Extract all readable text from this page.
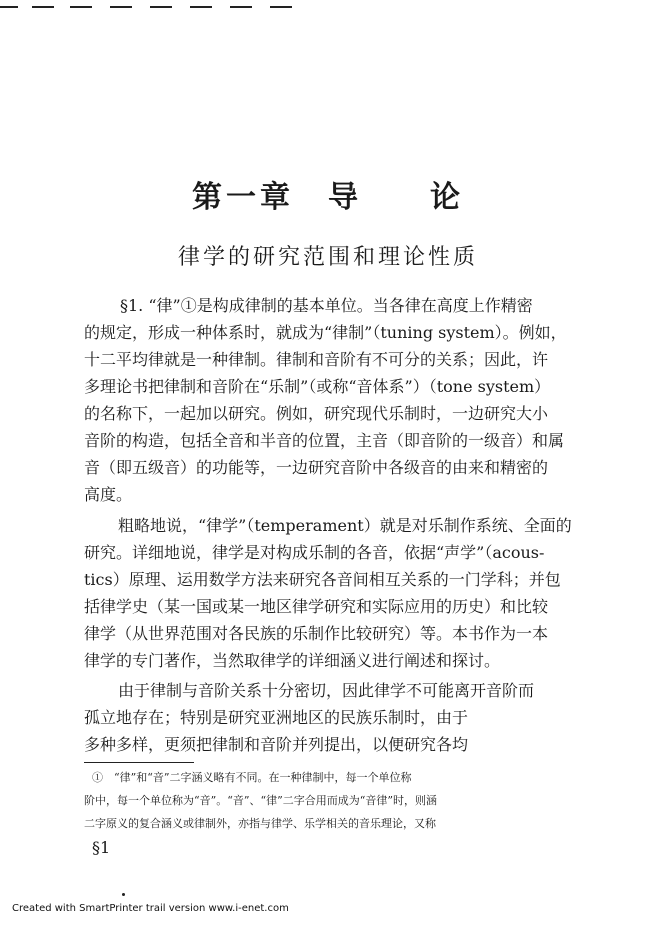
第一章　导　　论
律学的研究范围和理论性质
§1. “律”①是构成律制的基本单位。当各律在高度上作精密
的规定，形成一种体系时，就成为“律制”（tuning system）。例如，
十二平均律就是一种律制。律制和音阶有不可分的关系；因此，许
多理论书把律制和音阶在“乐制”（或称“音体系”）（tone system）
的名称下，一起加以研究。例如，研究现代乐制时，一边研究大小
音阶的构造，包括全音和半音的位置，主音（即音阶的一级音）和属
音（即五级音）的功能等，一边研究音阶中各级音的由来和精密的
高度。
粗略地说，“律学”（temperament）就是对乐制作系统、全面的
研究。详细地说，律学是对构成乐制的各音，依据“声学”（acous-
tics）原理、运用数学方法来研究各音间相互关系的一门学科；并包
括律学史（某一国或某一地区律学研究和实际应用的历史）和比较
律学（从世界范围对各民族的乐制作比较研究）等。本书作为一本
律学的专门著作，当然取律学的详细涵义进行阐述和探讨。
由于律制与音阶关系十分密切，因此律学不可能离开音阶而
孤立地存在；特别是研究亚洲地区的民族乐制时，由于
多种多样，更须把律制和音阶并列提出，以便研究各均
①　“律”和“音”二字涵义略有不同。在一种律制中，每一个单位称
阶中，每一个单位称为“音”。“音”、“律”二字合用而成为“音律”时，则涵
二字原义的复合涵义或律制外，亦指与律学、乐学相关的音乐理论，又称
§1
Created with SmartPrinter trail version www.i-enet.com
